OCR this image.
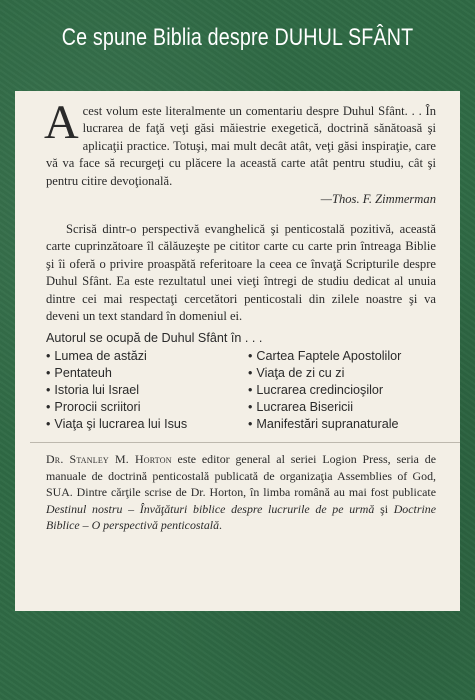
Ce spune Biblia despre DUHUL SFÂNT
A cest volum este literalmente un comentariu despre Duhul Sfânt. . . În lucrarea de faţă veţi găsi măiestrie exegetică, doctrină sănătoasă şi aplicaţii practice. Totuşi, mai mult decât atât, veţi găsi inspiraţie, care vă va face să recurgeţi cu plăcere la această carte atât pentru studiu, cât şi pentru citire devoţională.
—Thos. F. Zimmerman

Scrisă dintr-o perspectivă evanghelică şi penticostală pozitivă, această carte cuprinzătoare îl călăuzeşte pe cititor carte cu carte prin întreaga Biblie şi îi oferă o privire proaspătă referitoare la ceea ce învaţă Scripturile despre Duhul Sfânt. Ea este rezultatul unei vieţi întregi de studiu dedicat al unuia dintre cei mai respectaţi cercetători penticostali din zilele noastre şi va deveni un text standard în domeniul ei.

Autorul se ocupă de Duhul Sfânt în . . .
• Lumea de astăzi
• Pentateuh
• Istoria lui Israel
• Prorocii scriitori
• Viaţa şi lucrarea lui Isus
• Cartea Faptele Apostolilor
• Viaţa de zi cu zi
• Lucrarea credincioşilor
• Lucrarea Bisericii
• Manifestări supranaturale
Dr. Stanley M. Horton este editor general al seriei Logion Press, seria de manuale de doctrină penticostală publicată de organizaţia Assemblies of God, SUA. Dintre cărţile scrise de Dr. Horton, în limba română au mai fost publicate Destinul nostru – Învăţături biblice despre lucrurile de pe urmă şi Doctrine Biblice – O perspectivă penticostală.
